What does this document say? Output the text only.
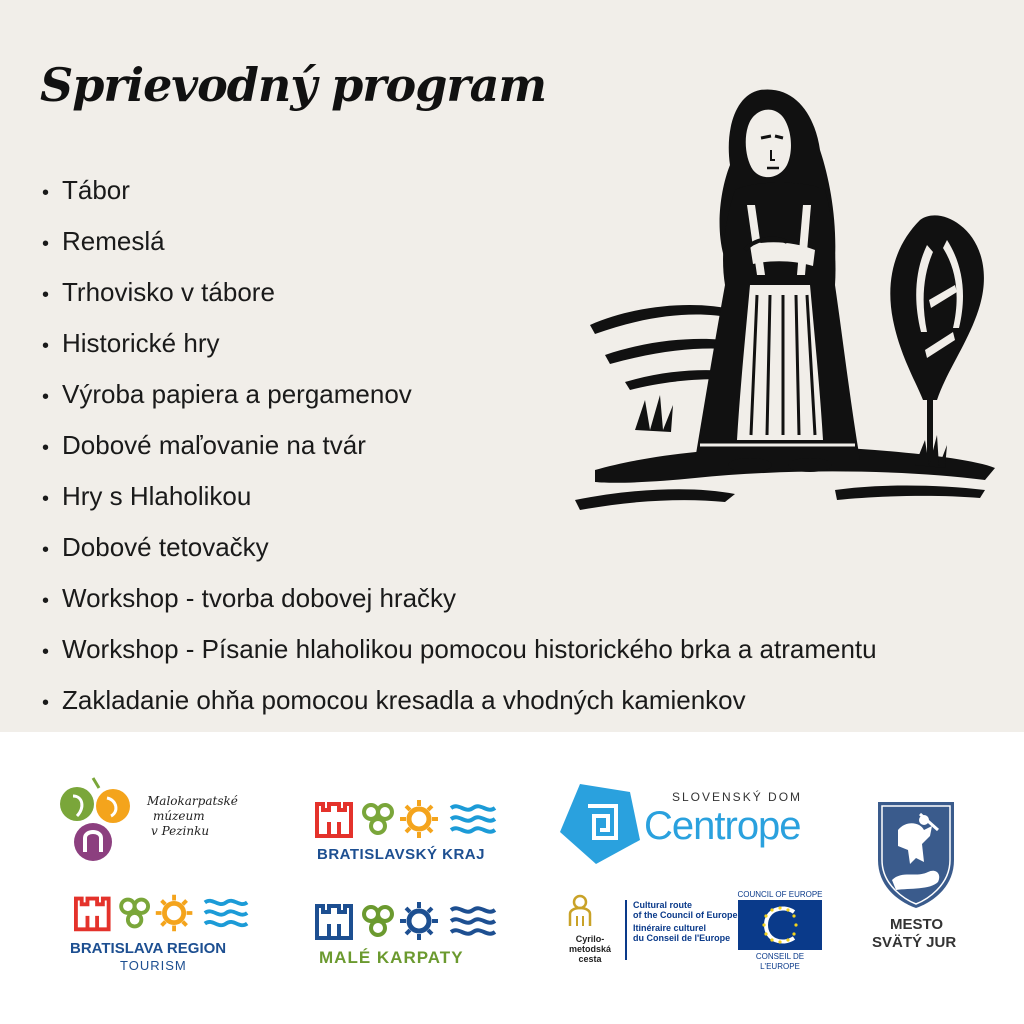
Sprievodný program
• Tábor
• Remeslá
• Trhovisko v tábore
• Historické hry
• Výroba papiera a pergamenov
• Dobové maľovanie na tvár
• Hry s Hlaholikou
• Dobové tetovačky
• Workshop - tvorba dobovej hračky
• Workshop - Písanie hlaholikou pomocou historického brka a atramentu
• Zakladanie ohňa pomocou kresadla a vhodných kamienkov
Malokarpatské
múzeum
v Pezinku
BRATISLAVSKÝ KRAJ
SLOVENSKÝ DOM
Centrope
MESTO
SVÄTÝ JUR
BRATISLAVA REGION
TOURISM	MALÉ KARPATY
Cyrilo-metodská
cesta
Cultural route
of the Council of Europe
Itinéraire culturel
du Conseil de l'Europe
COUNCIL OF EUROPE
CONSEIL DE L'EUROPE
